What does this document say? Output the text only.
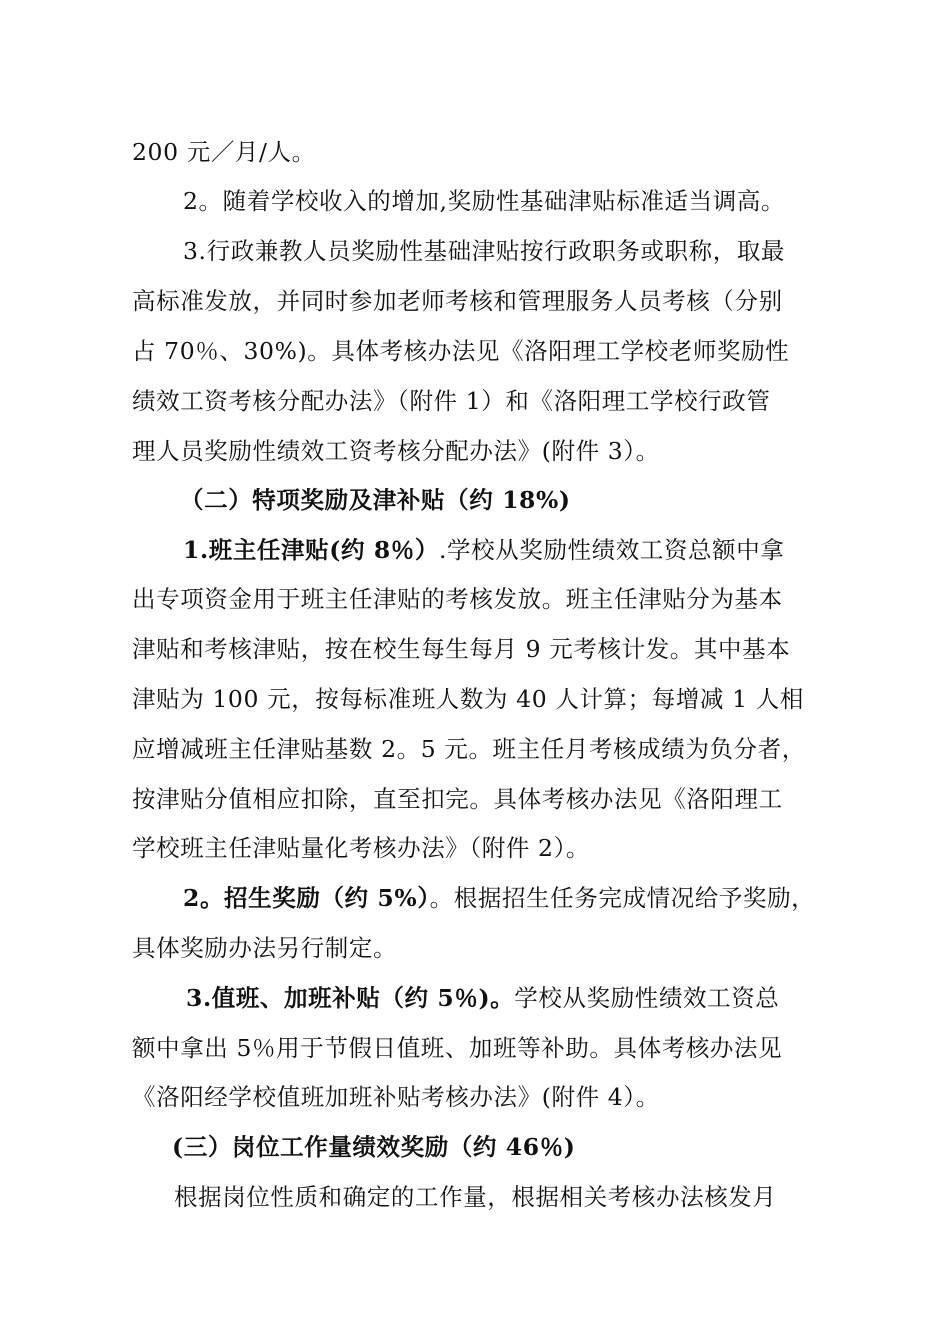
200 元／月/人。
2。随着学校收入的增加,奖励性基础津贴标准适当调高。
3.行政兼教人员奖励性基础津贴按行政职务或职称，取最
高标准发放，并同时参加老师考核和管理服务人员考核（分别
占 70％、30%)。具体考核办法见《洛阳理工学校老师奖励性
绩效工资考核分配办法》（附件 1）和《洛阳理工学校行政管
理人员奖励性绩效工资考核分配办法》(附件 3）。
（二）特项奖励及津补贴（约 18%)
1.班主任津贴(约 8％）.学校从奖励性绩效工资总额中拿
出专项资金用于班主任津贴的考核发放。班主任津贴分为基本
津贴和考核津贴，按在校生每生每月 9 元考核计发。其中基本
津贴为 100 元，按每标准班人数为 40 人计算；每增减 1 人相
应增减班主任津贴基数 2。5 元。班主任月考核成绩为负分者，
按津贴分值相应扣除，直至扣完。具体考核办法见《洛阳理工
学校班主任津贴量化考核办法》（附件 2）。
2。招生奖励（约 5%）。根据招生任务完成情况给予奖励，
具体奖励办法另行制定。
3.值班、加班补贴（约 5％)。学校从奖励性绩效工资总
额中拿出 5％用于节假日值班、加班等补助。具体考核办法见
《洛阳经学校值班加班补贴考核办法》(附件 4）。
(三）岗位工作量绩效奖励（约 46％)
根据岗位性质和确定的工作量，根据相关考核办法核发月
